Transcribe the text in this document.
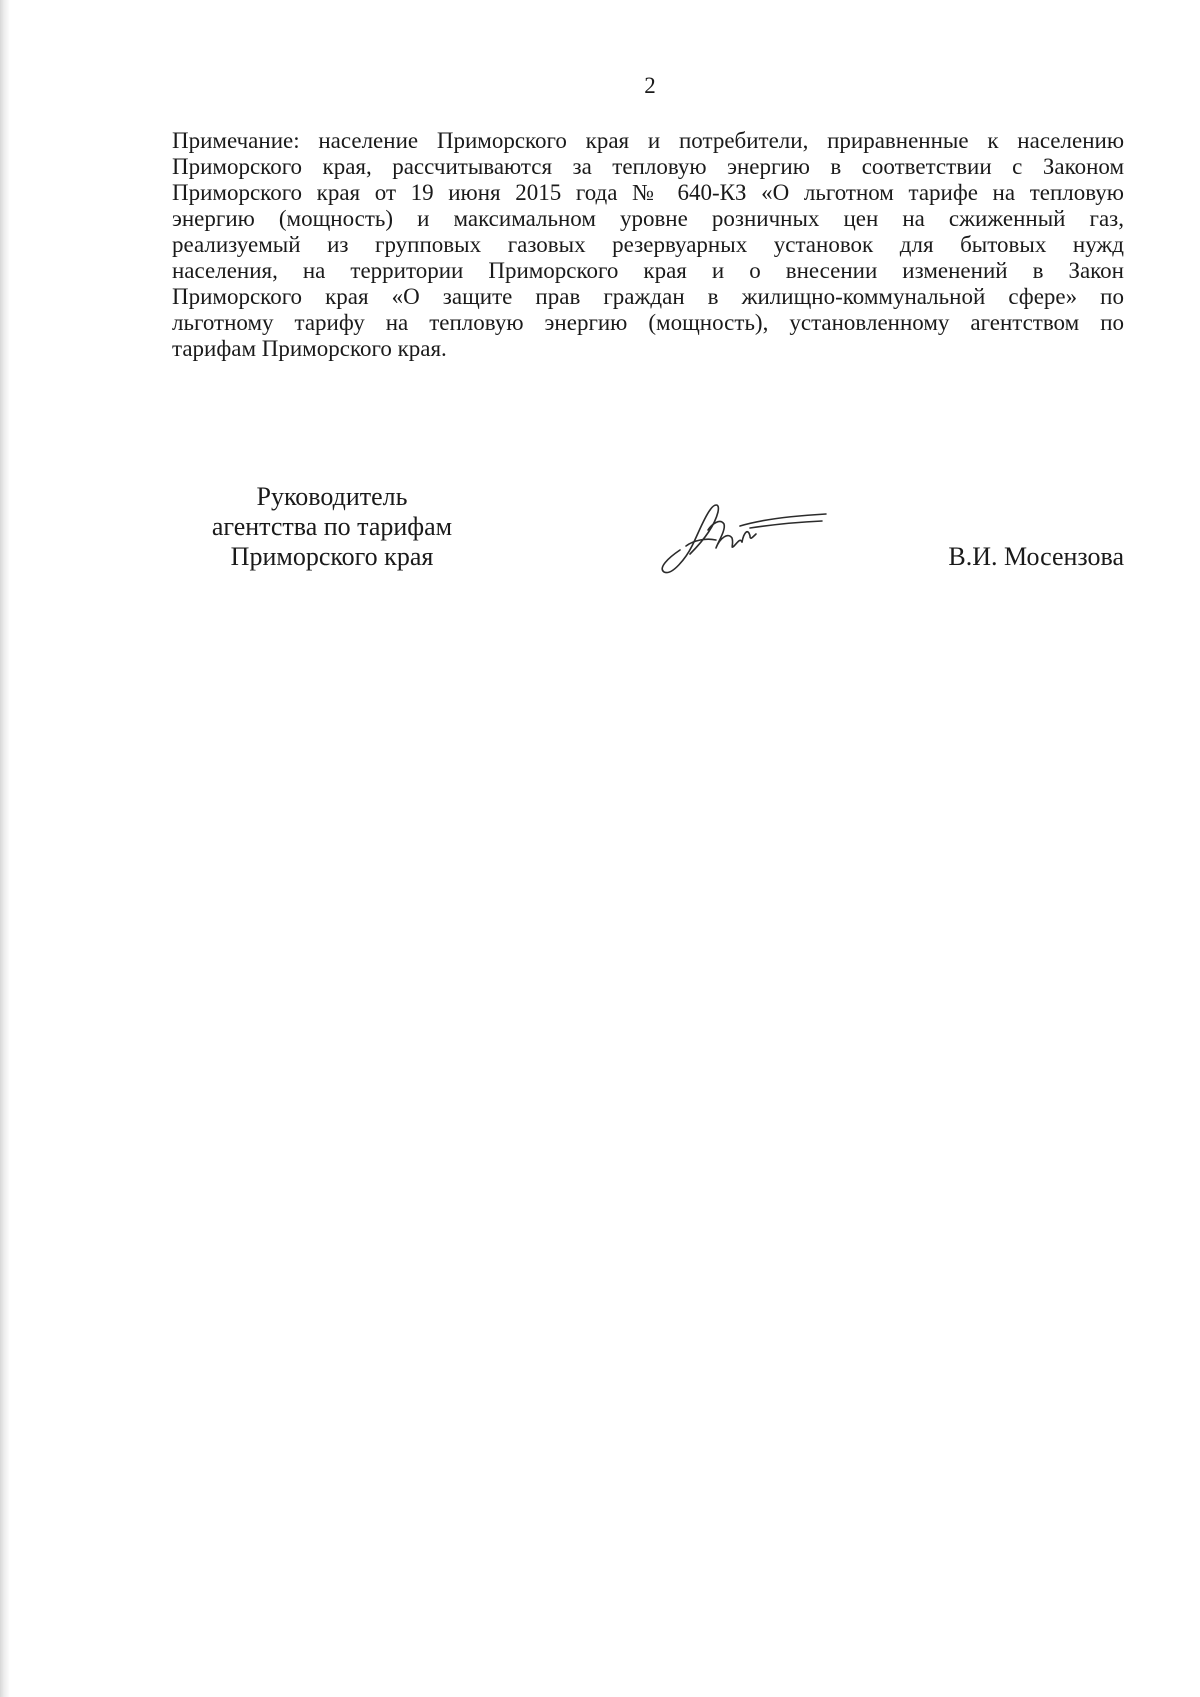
2
Примечание: население Приморского края и потребители, приравненные к населению
Приморского края, рассчитываются за тепловую энергию в соответствии с Законом
Приморского края от 19 июня 2015 года № 640-КЗ «О льготном тарифе на тепловую
энергию (мощность) и максимальном уровне розничных цен на сжиженный газ,
реализуемый из групповых газовых резервуарных установок для бытовых нужд
населения, на территории Приморского края и о внесении изменений в Закон
Приморского края «О защите прав граждан в жилищно-коммунальной сфере» по
льготному тарифу на тепловую энергию (мощность), установленному агентством по
тарифам Приморского края.
Руководитель
агентства по тарифам
Приморского края	В.И. Мосензова
